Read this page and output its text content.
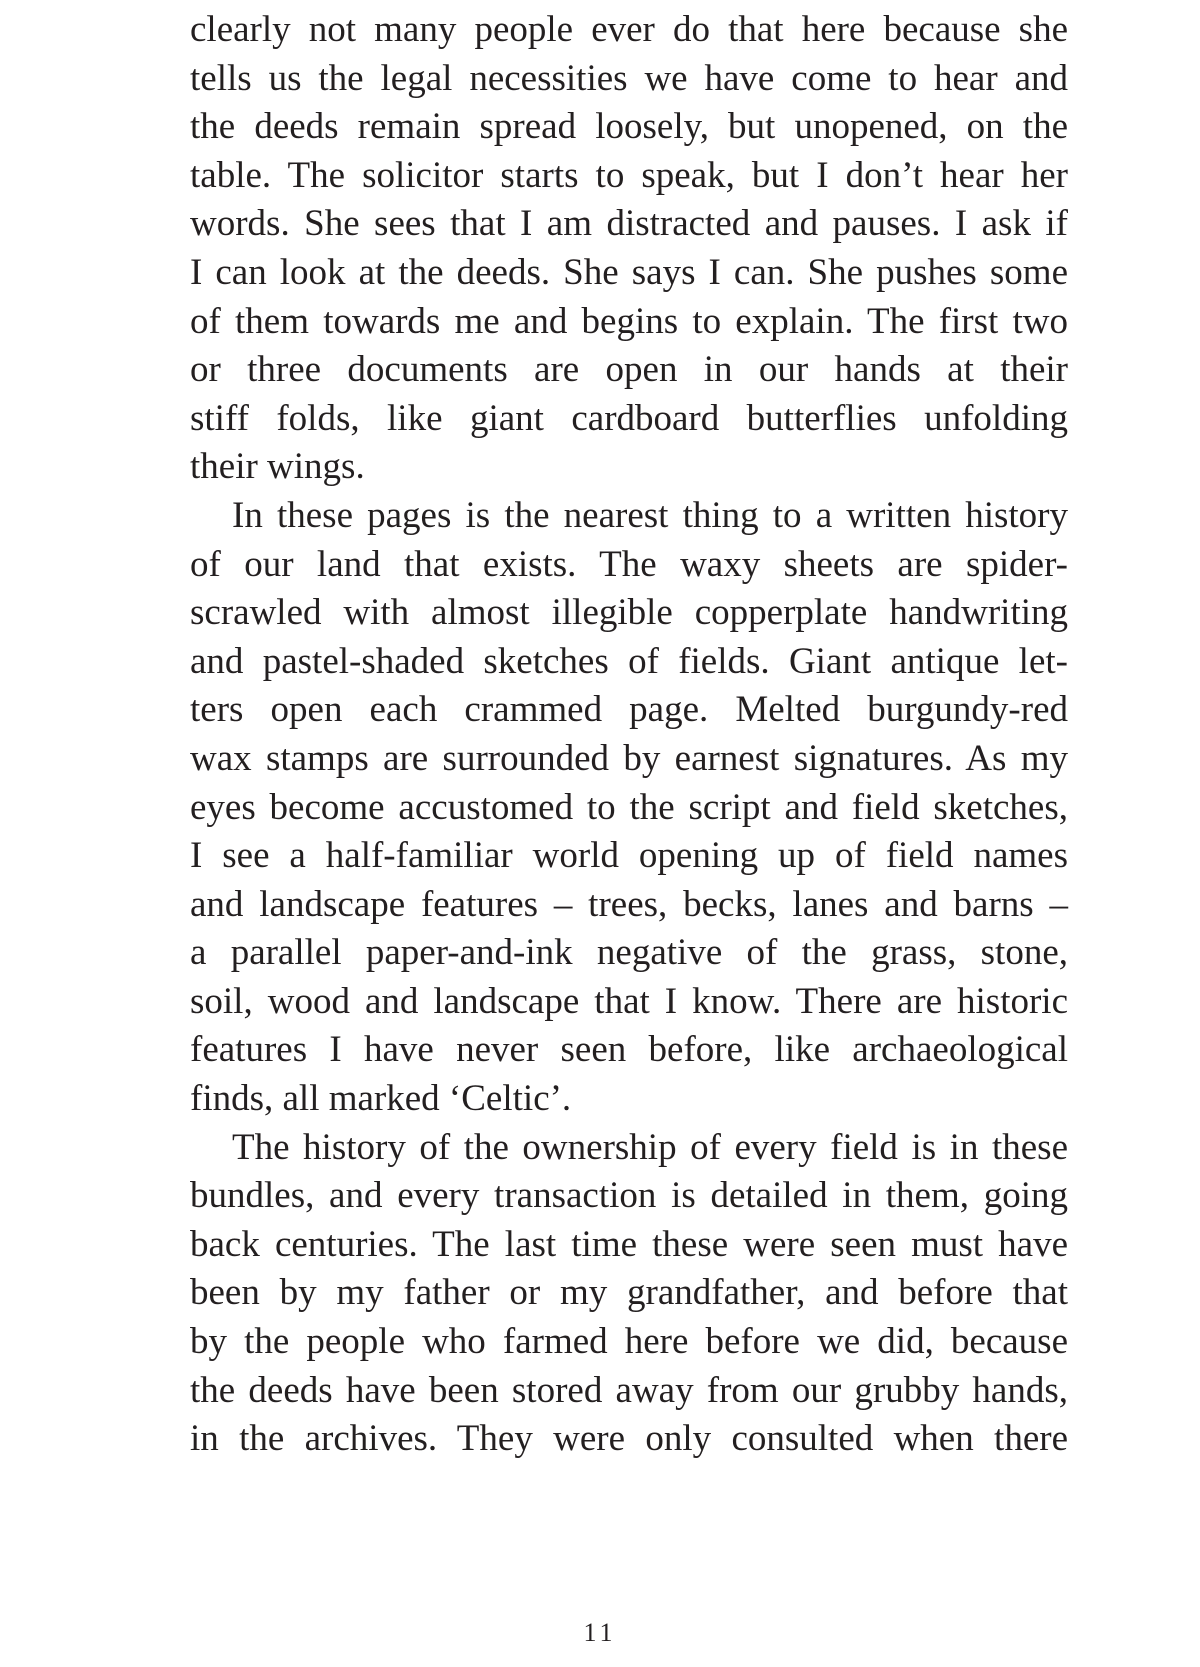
clearly not many people ever do that here because she
tells us the legal necessities we have come to hear and
the deeds remain spread loosely, but unopened, on the
table. The solicitor starts to speak, but I don’t hear her
words. She sees that I am distracted and pauses. I ask if
I can look at the deeds. She says I can. She pushes some
of them towards me and begins to explain. The first two
or three documents are open in our hands at their
stiff folds, like giant cardboard butterflies unfolding
their wings.
In these pages is the nearest thing to a written history
of our land that exists. The waxy sheets are spider-
scrawled with almost illegible copperplate handwriting
and pastel-shaded sketches of fields. Giant antique let-
ters open each crammed page. Melted burgundy-red
wax stamps are surrounded by earnest signatures. As my
eyes become accustomed to the script and field sketches,
I see a half-familiar world opening up of field names
and landscape features – trees, becks, lanes and barns –
a parallel paper-and-ink negative of the grass, stone,
soil, wood and landscape that I know. There are historic
features I have never seen before, like archaeological
finds, all marked ‘Celtic’.
The history of the ownership of every field is in these
bundles, and every transaction is detailed in them, going
back centuries. The last time these were seen must have
been by my father or my grandfather, and before that
by the people who farmed here before we did, because
the deeds have been stored away from our grubby hands,
in the archives. They were only consulted when there
11
